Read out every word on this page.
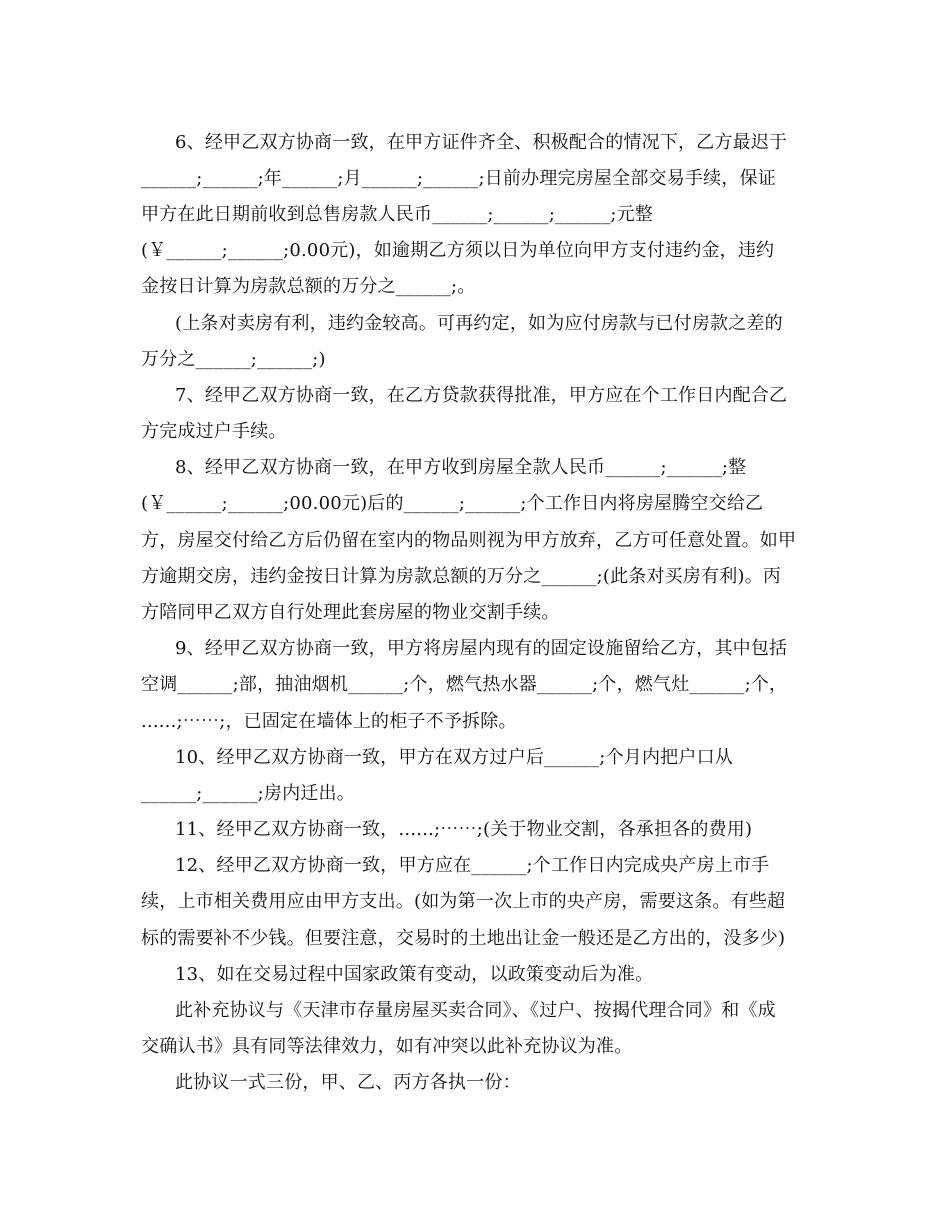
6、经甲乙双方协商一致，在甲方证件齐全、积极配合的情况下，乙方最迟于
______;______;年______;月______;______;日前办理完房屋全部交易手续，保证
甲方在此日期前收到总售房款人民币______;______;______;元整
(￥______;______;0.00元)，如逾期乙方须以日为单位向甲方支付违约金，违约
金按日计算为房款总额的万分之______;。
(上条对卖房有利，违约金较高。可再约定，如为应付房款与已付房款之差的
万分之______;______;)
7、经甲乙双方协商一致，在乙方贷款获得批准，甲方应在个工作日内配合乙
方完成过户手续。
8、经甲乙双方协商一致，在甲方收到房屋全款人民币______;______;整
(￥______;______;00.00元)后的______;______;个工作日内将房屋腾空交给乙
方，房屋交付给乙方后仍留在室内的物品则视为甲方放弃，乙方可任意处置。如甲
方逾期交房，违约金按日计算为房款总额的万分之______;(此条对买房有利)。丙
方陪同甲乙双方自行处理此套房屋的物业交割手续。
9、经甲乙双方协商一致，甲方将房屋内现有的固定设施留给乙方，其中包括
空调______;部，抽油烟机______;个，燃气热水器______;个，燃气灶______;个，
......;⋯⋯;，已固定在墙体上的柜子不予拆除。
10、经甲乙双方协商一致，甲方在双方过户后______;个月内把户口从
______;______;房内迁出。
11、经甲乙双方协商一致，......;⋯⋯;(关于物业交割，各承担各的费用)
12、经甲乙双方协商一致，甲方应在______;个工作日内完成央产房上市手
续，上市相关费用应由甲方支出。(如为第一次上市的央产房，需要这条。有些超
标的需要补不少钱。但要注意，交易时的土地出让金一般还是乙方出的，没多少)
13、如在交易过程中国家政策有变动，以政策变动后为准。
此补充协议与《天津市存量房屋买卖合同》、《过户、按揭代理合同》和《成
交确认书》具有同等法律效力，如有冲突以此补充协议为准。
此协议一式三份，甲、乙、丙方各执一份：
